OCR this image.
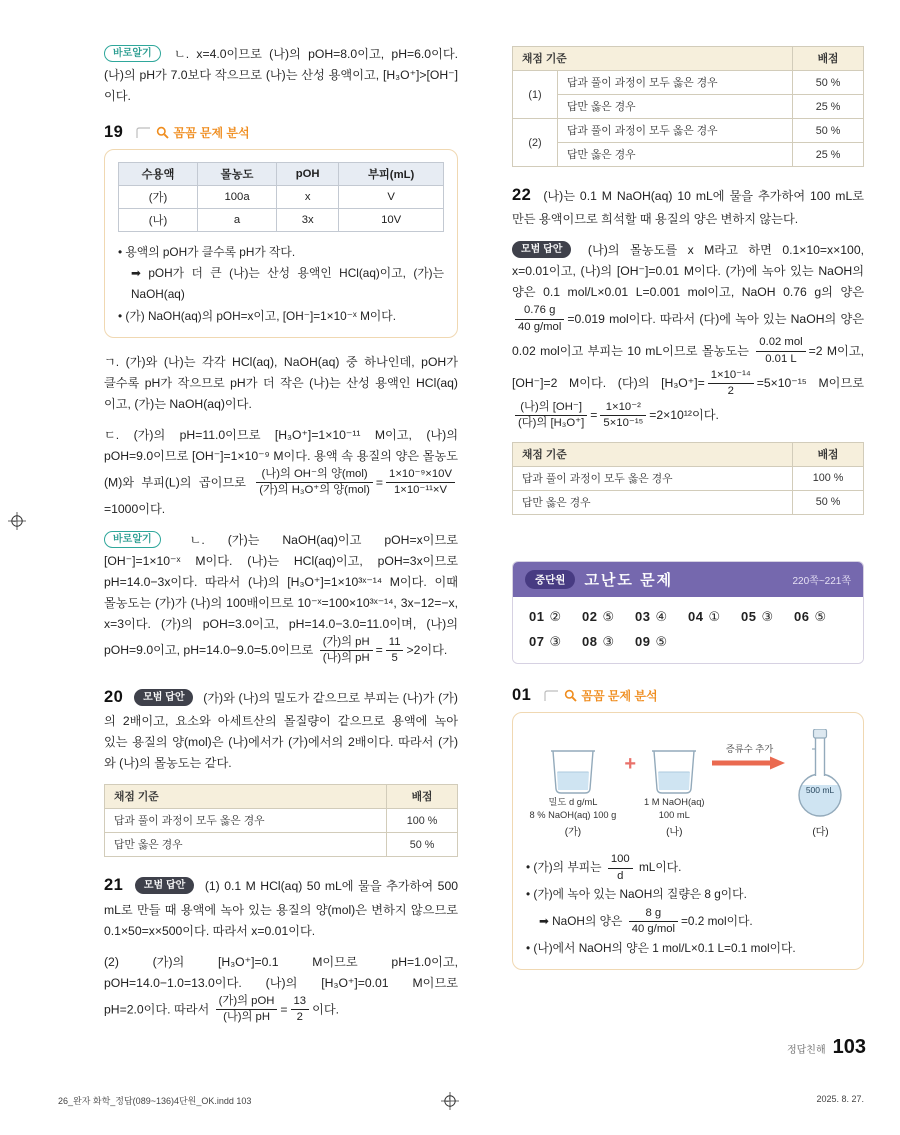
바로알기 ㄴ. x=4.0이므로 (나)의 pOH=8.0이고, pH=6.0이다. (나)의 pH가 7.0보다 작으므로 (나)는 산성 용액이고, [H₃O⁺]>[OH⁻]이다.

19	꼼꼼 문제 분석
수용액	몰농도	pOH	부피(mL)
(가)	100a	x	V
(나)	a	3x	10V
• 용액의 pOH가 클수록 pH가 작다.
➡ pOH가 더 큰 (나)는 산성 용액인 HCl(aq)이고, (가)는 NaOH(aq)
• (가) NaOH(aq)의 pOH=x이고, [OH⁻]=1×10⁻ˣ M이다.

ㄱ. (가)와 (나)는 각각 HCl(aq), NaOH(aq) 중 하나인데, pOH가 클수록 pH가 작으므로 pH가 더 작은 (나)는 산성 용액인 HCl(aq)이고, (가)는 NaOH(aq)이다.

ㄷ. (가)의 pH=11.0이므로 [H₃O⁺]=1×10⁻¹¹ M이고, (나)의 pOH=9.0이므로 [OH⁻]=1×10⁻⁹ M이다. 용액 속 용질의 양은 몰농도(M)와 부피(L)의 곱이므로 $\frac{\text{(나)의 OH⁻의 양(mol)}}{\text{(가)의 H₃O⁺의 양(mol)}} = \frac{\text{1×10⁻⁹×10V}}{\text{1×10⁻¹¹×V}}$
=1000이다.

바로알기	ㄴ. (가)는 NaOH(aq)이고 pOH=x이므로 [OH⁻]=1×10⁻ˣ M이다. (나)는 HCl(aq)이고, pOH=3x이므로 pH=14.0−3x이다. 따라서 (나)의 [H₃O⁺]=1×10³ˣ⁻¹⁴ M이다. 이때 몰농도는 (가)가 (나)의 100배이므로 10⁻ˣ=100×10³ˣ⁻¹⁴, 3x−12=−x, x=3이다. (가)의 pOH=3.0이고, pH=14.0−3.0=11.0이며, (나)의 pOH=9.0이고, pH=14.0−9.0=5.0이므로 $\frac{\text{(가)의 pH}}{\text{(나)의 pH}} = \frac{11}{5} >2$이다.

20 모범 답안 (가)와 (나)의 밀도가 같으므로 부피는 (나)가 (가)의 2배이고, 요소와 아세트산의 몰질량이 같으므로 용액에 녹아 있는 용질의 양(mol)은 (나)에서가 (가)에서의 2배이다. 따라서 (가)와 (나)의 몰농도는 같다.

채점 기준	배점
답과 풀이 과정이 모두 옳은 경우	100 %
답만 옳은 경우	50 %

21 모범 답안 (1) 0.1 M HCl(aq) 50 mL에 물을 추가하여 500 mL로 만들 때 용액에 녹아 있는 용질의 양(mol)은 변하지 않으므로 0.1×50=x×500이다. 따라서 x=0.01이다.

(2) (가)의 [H₃O⁺]=0.1 M이므로 pH=1.0이고, pOH=14.0−1.0=13.0이다. (나)의 [H₃O⁺]=0.01 M이므로 pH=2.0이다. 따라서 $\frac{\text{(가)의 pOH}}{\text{(나)의 pH}} = \frac{13}{2}$ 이다.

채점 기준		배점
(1)	답과 풀이 과정이 모두 옳은 경우	50 %
	답만 옳은 경우	25 %
(2)	답과 풀이 과정이 모두 옳은 경우	50 %
	답만 옳은 경우	25 %

22 (나)는 0.1 M NaOH(aq) 10 mL에 물을 추가하여 100 mL로 만든 용액이므로 희석할 때 용질의 양은 변하지 않는다.

모범 답안 (나)의 몰농도를 x M라고 하면 0.1×10=x×100, x=0.01이고, (나)의 [OH⁻]=0.01 M이다. (가)에 녹아 있는 NaOH의 양은 0.1 mol/L×0.01 L=0.001 mol이고, NaOH 0.76 g의 양은
$\frac{0.76 g}{\text{40 g/mol}} =0.019$ mol이다. 따라서 (다)에 녹아 있는 NaOH의 양은 0.02 mol이고 부피는 10 mL이므로 몰농도는 $\frac{\text{0.02 mol}}{0.01 L} =2$ M이고, [OH⁻]=2 M이다. (다)의 $[H_3O^+]= \frac{\text{1×10⁻¹⁴}}{2} =5\times 10^{-15}$ M이므로
$\frac{\text{(나)의 [OH⁻]}}{\text{(다)의 [H₃O⁺]}} = \frac{\text{1×10⁻²}}{\text{5×10⁻¹⁵}} =2\times 10^{12}$이다.

채점 기준	배점
답과 풀이 과정이 모두 옳은 경우	100 %
답만 옳은 경우	50 %
중단원	고난도 문제	220쪽~221쪽
01 ②	02 ⑤	03 ④	04 ①	05 ③	06 ⑤
07 ③	08 ③	09 ⑤
01	꼼꼼 문제 분석
밀도 d g/mL
8 % NaOH(aq) 100 g
(가)
+
1 M NaOH(aq)
100 mL
(나)
증류수 추가
500 mL
(다)
• (가)의 부피는 $\frac{100}{d}$ mL이다.
• (가)에 녹아 있는 NaOH의 질량은 8 g이다.
➡ NaOH의 양은 $\frac{8 g}{\text{40 g/mol}} =0.2$ mol이다.
• (나)에서 NaOH의 양은 1 mol/L×0.1 L=0.1 mol이다.
정답친해 103
26_완자 화학_정답(089~136)4단원_OK.indd 103	2025. 8. 27.
